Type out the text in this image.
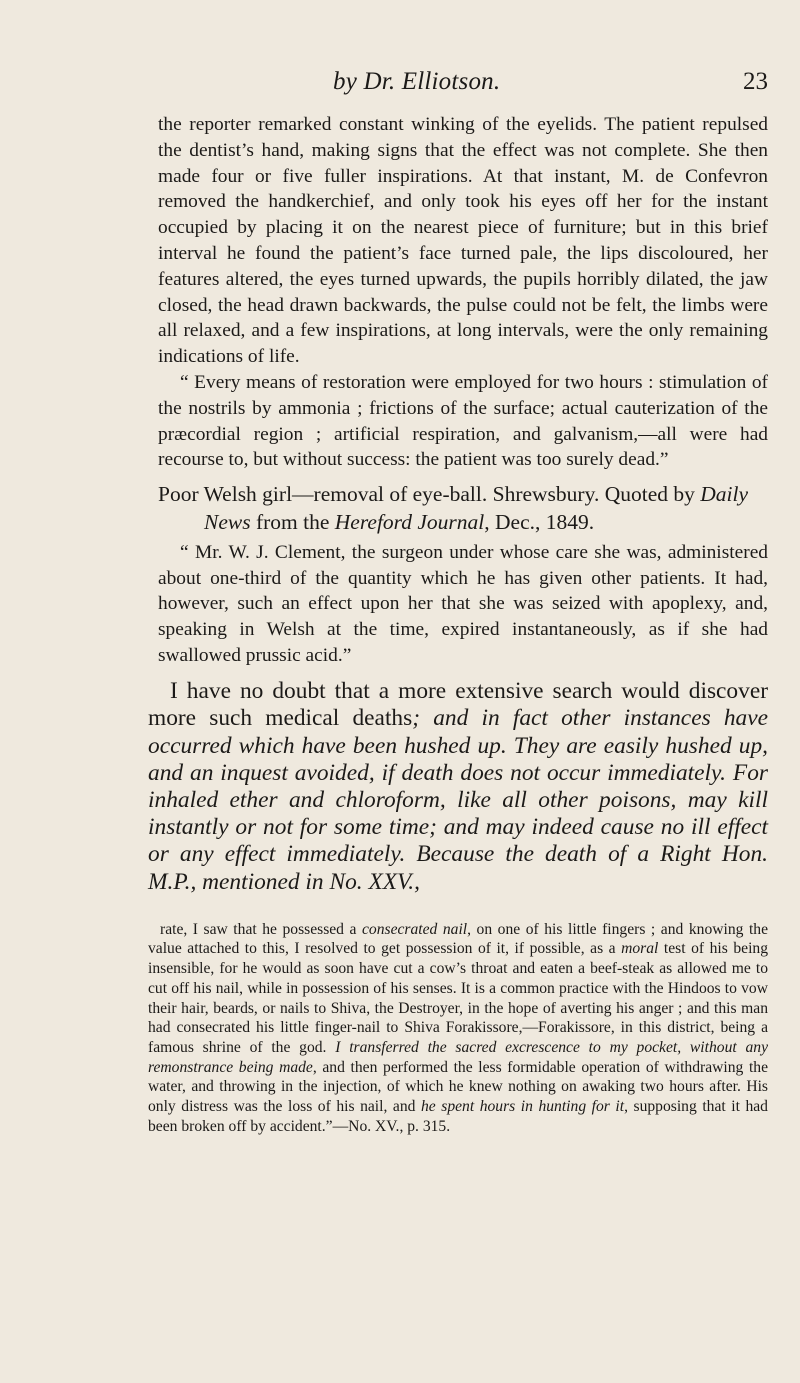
by Dr. Elliotson.	23

the reporter remarked constant winking of the eyelids. The patient repulsed the dentist’s hand, making signs that the effect was not complete. She then made four or five fuller inspirations. At that instant, M. de Confevron removed the handkerchief, and only took his eyes off her for the instant occupied by placing it on the nearest piece of furniture; but in this brief interval he found the patient’s face turned pale, the lips discoloured, her features altered, the eyes turned upwards, the pupils horribly dilated, the jaw closed, the head drawn backwards, the pulse could not be felt, the limbs were all relaxed, and a few inspirations, at long intervals, were the only remaining indications of life.

“ Every means of restoration were employed for two hours : stimulation of the nostrils by ammonia ; frictions of the surface; actual cauterization of the præcordial region ; artificial respiration, and galvanism,—all were had recourse to, but without success: the patient was too surely dead.”

Poor Welsh girl—removal of eye-ball. Shrewsbury. Quoted by Daily News from the Hereford Journal, Dec., 1849.

“ Mr. W. J. Clement, the surgeon under whose care she was, administered about one-third of the quantity which he has given other patients. It had, however, such an effect upon her that she was seized with apoplexy, and, speaking in Welsh at the time, expired instantaneously, as if she had swallowed prussic acid.”

I have no doubt that a more extensive search would discover more such medical deaths; and in fact other instances have occurred which have been hushed up. They are easily hushed up, and an inquest avoided, if death does not occur immediately. For inhaled ether and chloroform, like all other poisons, may kill instantly or not for some time; and may indeed cause no ill effect or any effect immediately. Because the death of a Right Hon. M.P., mentioned in No. XXV.,

rate, I saw that he possessed a consecrated nail, on one of his little fingers ; and knowing the value attached to this, I resolved to get possession of it, if possible, as a moral test of his being insensible, for he would as soon have cut a cow’s throat and eaten a beef-steak as allowed me to cut off his nail, while in possession of his senses. It is a common practice with the Hindoos to vow their hair, beards, or nails to Shiva, the Destroyer, in the hope of averting his anger ; and this man had consecrated his little finger-nail to Shiva Forakissore,—Forakissore, in this district, being a famous shrine of the god. I transferred the sacred excrescence to my pocket, without any remonstrance being made, and then performed the less formidable operation of withdrawing the water, and throwing in the injection, of which he knew nothing on awaking two hours after. His only distress was the loss of his nail, and he spent hours in hunting for it, supposing that it had been broken off by accident.”—No. XV., p. 315.
